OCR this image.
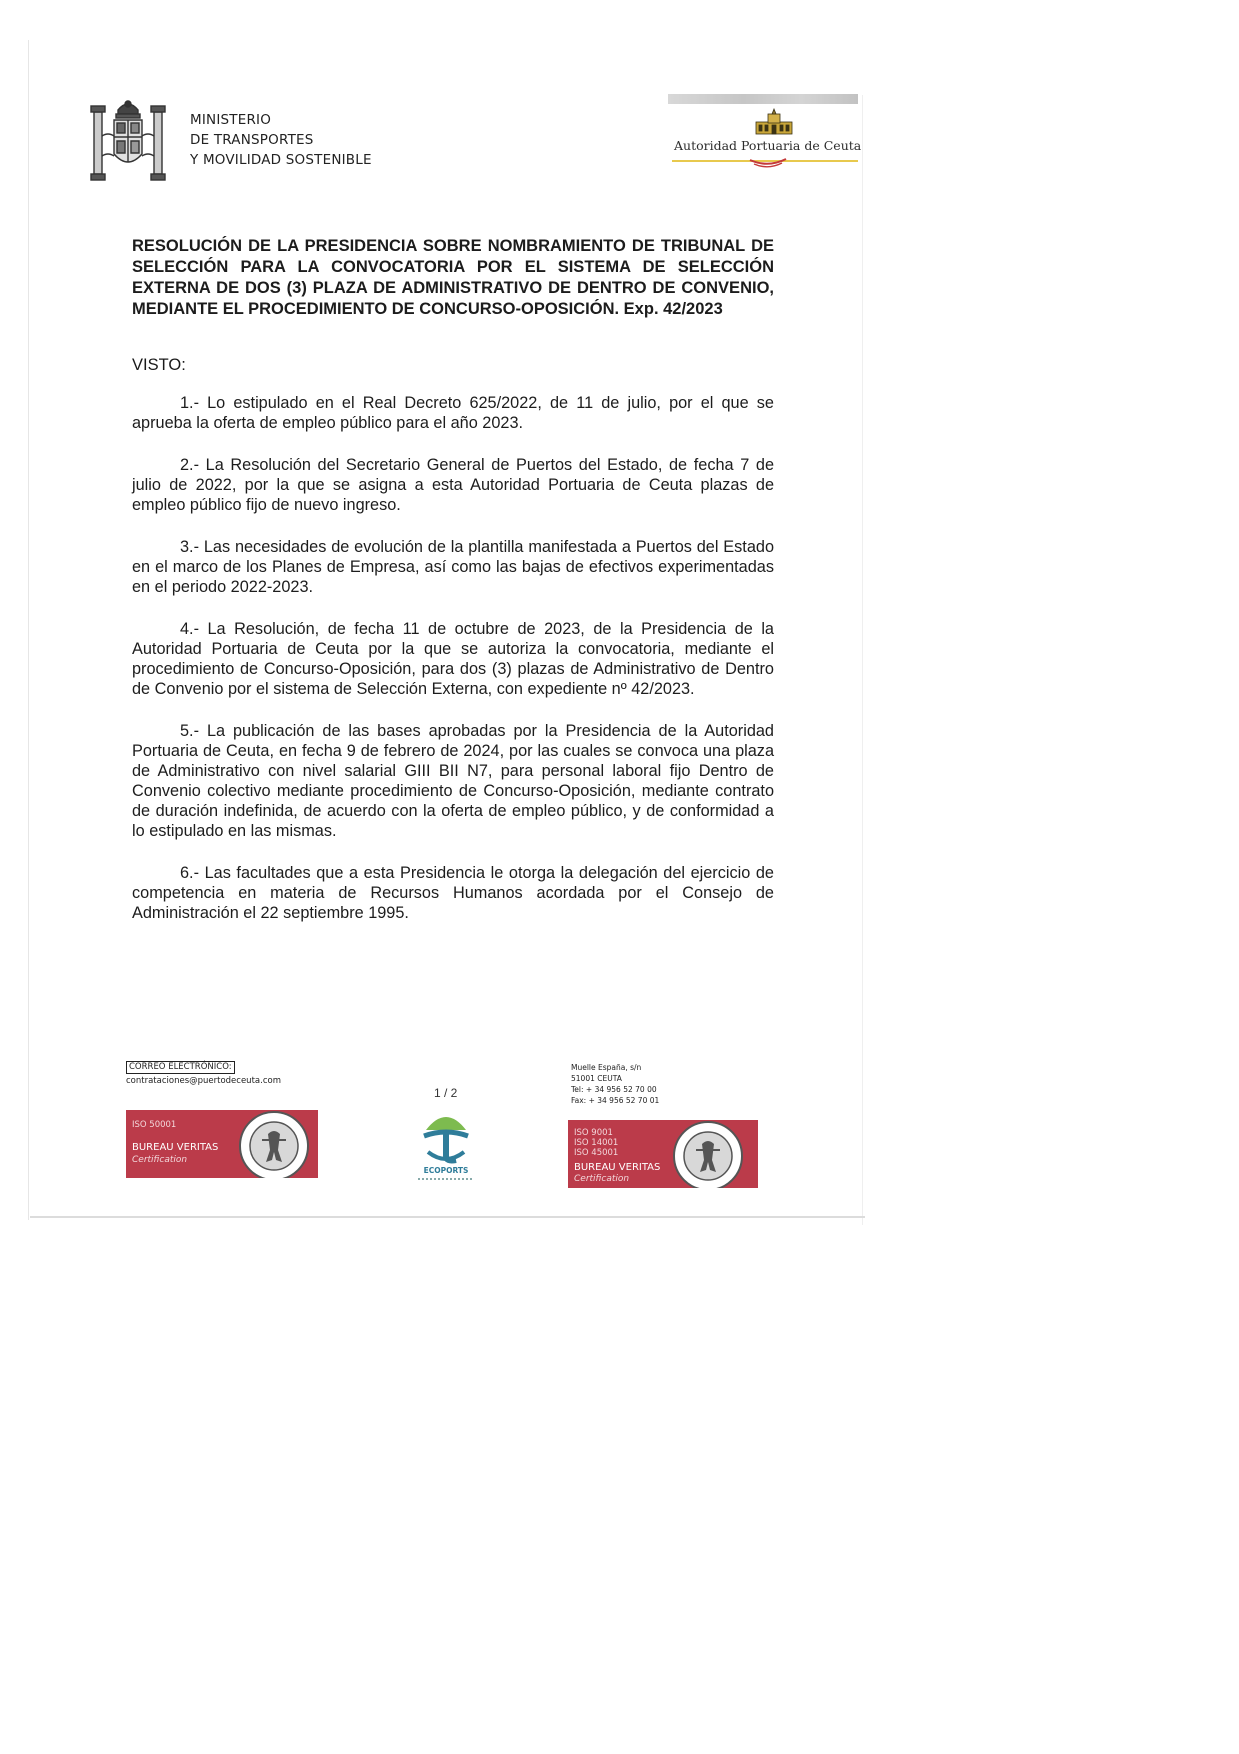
MINISTERIO
DE TRANSPORTES
Y MOVILIDAD SOSTENIBLE
Autoridad Portuaria de Ceuta

RESOLUCIÓN DE LA PRESIDENCIA SOBRE NOMBRAMIENTO DE TRIBUNAL DE SELECCIÓN PARA LA CONVOCATORIA POR EL SISTEMA DE SELECCIÓN EXTERNA DE DOS (3) PLAZA DE ADMINISTRATIVO DE DENTRO DE CONVENIO, MEDIANTE EL PROCEDIMIENTO DE CONCURSO-OPOSICIÓN. Exp. 42/2023

VISTO:

1.- Lo estipulado en el Real Decreto 625/2022, de 11 de julio, por el que se aprueba la oferta de empleo público para el año 2023.

2.- La Resolución del Secretario General de Puertos del Estado, de fecha 7 de julio de 2022, por la que se asigna a esta Autoridad Portuaria de Ceuta plazas de empleo público fijo de nuevo ingreso.

3.- Las necesidades de evolución de la plantilla manifestada a Puertos del Estado en el marco de los Planes de Empresa, así como las bajas de efectivos experimentadas en el periodo 2022-2023.

4.- La Resolución, de fecha 11 de octubre de 2023, de la Presidencia de la Autoridad Portuaria de Ceuta por la que se autoriza la convocatoria, mediante el procedimiento de Concurso-Oposición, para dos (3) plazas de Administrativo de Dentro de Convenio por el sistema de Selección Externa, con expediente nº 42/2023.

5.- La publicación de las bases aprobadas por la Presidencia de la Autoridad Portuaria de Ceuta, en fecha 9 de febrero de 2024, por las cuales se convoca una plaza de Administrativo con nivel salarial GIII BII N7, para personal laboral fijo Dentro de Convenio colectivo mediante procedimiento de Concurso-Oposición, mediante contrato de duración indefinida, de acuerdo con la oferta de empleo público, y de conformidad a lo estipulado en las mismas.

6.- Las facultades que a esta Presidencia le otorga la delegación del ejercicio de competencia en materia de Recursos Humanos acordada por el Consejo de Administración el 22 septiembre 1995.

CORREO ELECTRÓNICO:
contrataciones@puertodeceuta.com
1 / 2
Muelle España, s/n
51001 CEUTA
Tel: + 34 956 52 70 00
Fax: + 34 956 52 70 01
ISO 50001
BUREAU VERITAS
Certification
ECOPORTS
ISO 9001
ISO 14001
ISO 45001
BUREAU VERITAS
Certification
